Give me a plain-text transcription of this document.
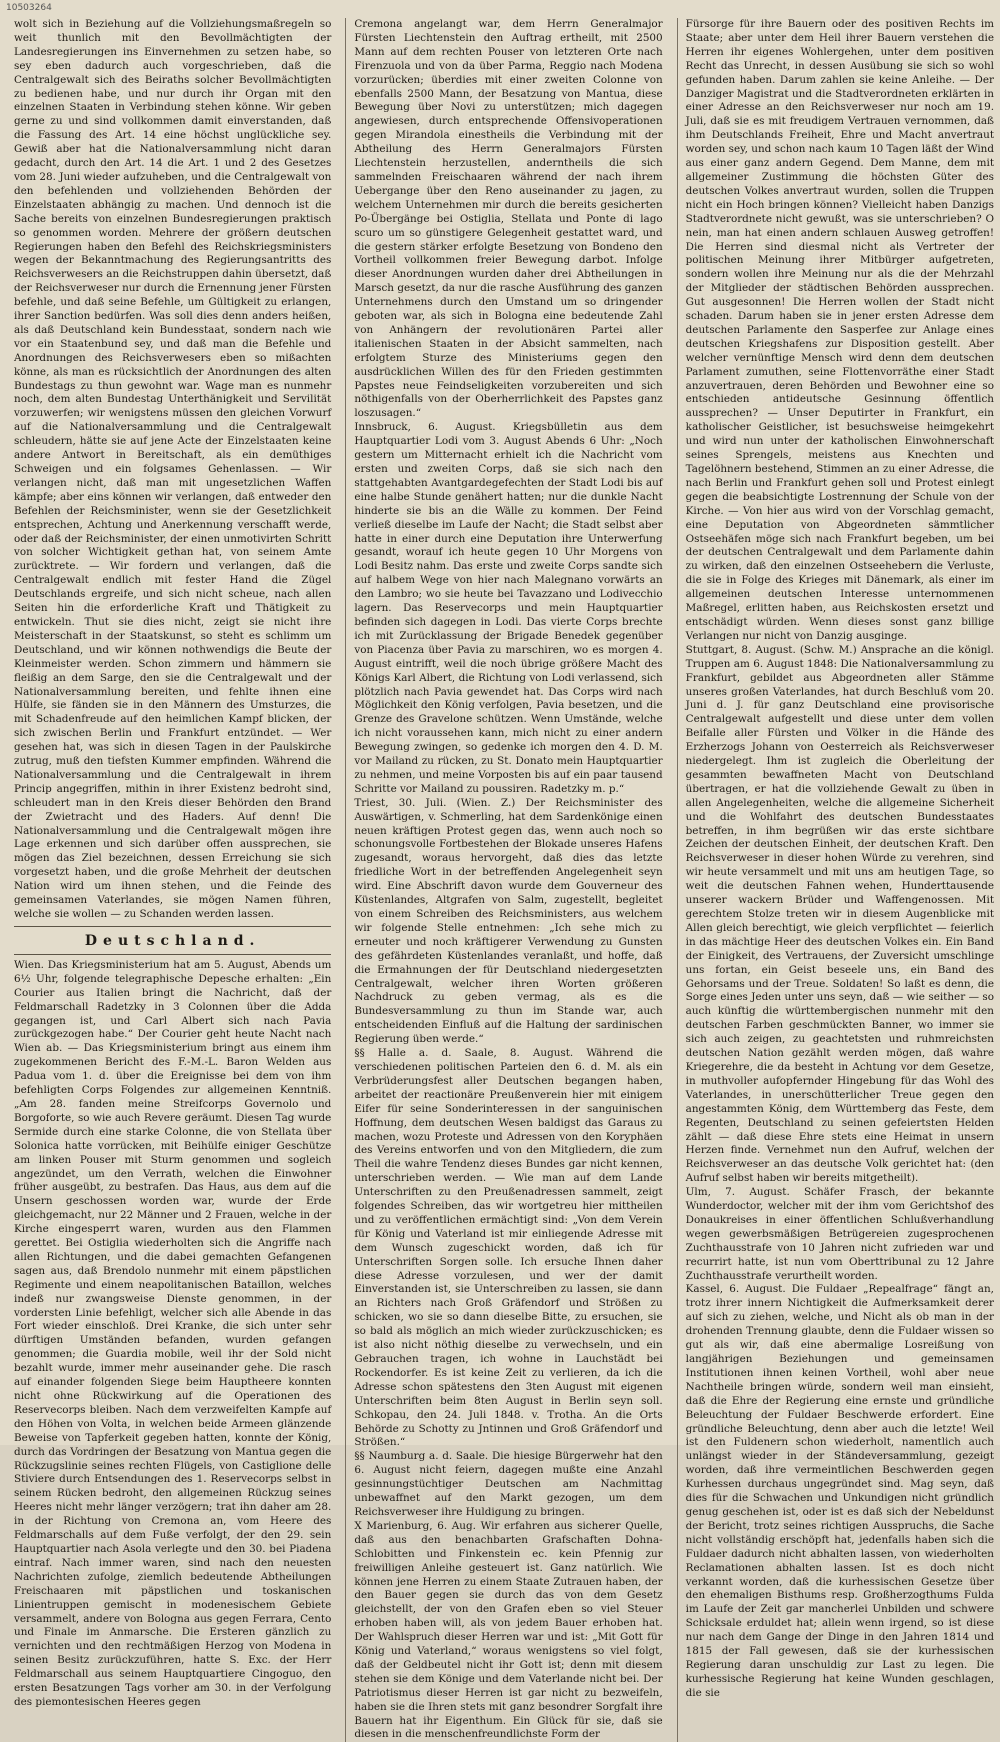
10503264

wolt sich in Beziehung auf die Vollziehungsmaßregeln so weit thunlich mit den Bevollmächtigten der Landesregierungen ins Einvernehmen zu setzen habe, so sey eben dadurch auch vorgeschrieben, daß die Centralgewalt sich des Beiraths solcher Bevollmächtigten zu bedienen habe, und nur durch ihr Organ mit den einzelnen Staaten in Verbindung stehen könne. Wir geben gerne zu und sind vollkommen damit einverstanden, daß die Fassung des Art. 14 eine höchst unglückliche sey. Gewiß aber hat die Nationalversammlung nicht daran gedacht, durch den Art. 14 die Art. 1 und 2 des Gesetzes vom 28. Juni wieder aufzuheben, und die Centralgewalt von den befehlenden und vollziehenden Behörden der Einzelstaaten abhängig zu machen. Und dennoch ist die Sache bereits von einzelnen Bundesregierungen praktisch so genommen worden. Mehrere der größern deutschen Regierungen haben den Befehl des Reichskriegsministers wegen der Bekanntmachung des Regierungsantritts des Reichsverwesers an die Reichstruppen dahin übersetzt, daß der Reichsverweser nur durch die Ernennung jener Fürsten befehle, und daß seine Befehle, um Gültigkeit zu erlangen, ihrer Sanction bedürfen. Was soll dies denn anders heißen, als daß Deutschland kein Bundesstaat, sondern nach wie vor ein Staatenbund sey, und daß man die Befehle und Anordnungen des Reichsverwesers eben so mißachten könne, als man es rücksichtlich der Anordnungen des alten Bundestags zu thun gewohnt war. Wage man es nunmehr noch, dem alten Bundestag Unterthänigkeit und Servilität vorzuwerfen; wir wenigstens müssen den gleichen Vorwurf auf die Nationalversammlung und die Centralgewalt schleudern, hätte sie auf jene Acte der Einzelstaaten keine andere Antwort in Bereitschaft, als ein demüthiges Schweigen und ein folgsames Gehenlassen. — Wir verlangen nicht, daß man mit ungesetzlichen Waffen kämpfe; aber eins können wir verlangen, daß entweder den Befehlen der Reichsminister, wenn sie der Gesetzlichkeit entsprechen, Achtung und Anerkennung verschafft werde, oder daß der Reichsminister, der einen unmotivirten Schritt von solcher Wichtigkeit gethan hat, von seinem Amte zurücktrete. — Wir fordern und verlangen, daß die Centralgewalt endlich mit fester Hand die Zügel Deutschlands ergreife, und sich nicht scheue, nach allen Seiten hin die erforderliche Kraft und Thätigkeit zu entwickeln. Thut sie dies nicht, zeigt sie nicht ihre Meisterschaft in der Staatskunst, so steht es schlimm um Deutschland, und wir können nothwendigs die Beute der Kleinmeister werden. Schon zimmern und hämmern sie fleißig an dem Sarge, den sie die Centralgewalt und der Nationalversammlung bereiten, und fehlte ihnen eine Hülfe, sie fänden sie in den Männern des Umsturzes, die mit Schadenfreude auf den heimlichen Kampf blicken, der sich zwischen Berlin und Frankfurt entzündet. — Wer gesehen hat, was sich in diesen Tagen in der Paulskirche zutrug, muß den tiefsten Kummer empfinden. Während die Nationalversammlung und die Centralgewalt in ihrem Princip angegriffen, mithin in ihrer Existenz bedroht sind, schleudert man in den Kreis dieser Behörden den Brand der Zwietracht und des Haders. Auf denn! Die Nationalversammlung und die Centralgewalt mögen ihre Lage erkennen und sich darüber offen aussprechen, sie mögen das Ziel bezeichnen, dessen Erreichung sie sich vorgesetzt haben, und die große Mehrheit der deutschen Nation wird um ihnen stehen, und die Feinde des gemeinsamen Vaterlandes, sie mögen Namen führen, welche sie wollen — zu Schanden werden lassen.

Deutschland.

Wien. Das Kriegsministerium hat am 5. August, Abends um 6½ Uhr, folgende telegraphische Depesche erhalten: „Ein Courier aus Italien bringt die Nachricht, daß der Feldmarschall Radetzky in 3 Colonnen über die Adda gegangen ist, und Carl Albert sich nach Pavia zurückgezogen habe.“ Der Courier geht heute Nacht nach Wien ab. — Das Kriegsministerium bringt aus einem ihm zugekommenen Bericht des F.-M.-L. Baron Welden aus Padua vom 1. d. über die Ereignisse bei dem von ihm befehligten Corps Folgendes zur allgemeinen Kenntniß. „Am 28. fanden meine Streifcorps Governolo und Borgoforte, so wie auch Revere geräumt. Diesen Tag wurde Sermide durch eine starke Colonne, die von Stellata über Solonica hatte vorrücken, mit Beihülfe einiger Geschütze am linken Pouser mit Sturm genommen und sogleich angezündet, um den Verrath, welchen die Einwohner früher ausgeübt, zu bestrafen. Das Haus, aus dem auf die Unsern geschossen worden war, wurde der Erde gleichgemacht, nur 22 Männer und 2 Frauen, welche in der Kirche eingesperrt waren, wurden aus den Flammen gerettet. Bei Ostiglia wiederholten sich die Angriffe nach allen Richtungen, und die dabei gemachten Gefangenen sagen aus, daß Brendolo nunmehr mit einem päpstlichen Regimente und einem neapolitanischen Bataillon, welches indeß nur zwangsweise Dienste genommen, in der vordersten Linie befehligt, welcher sich alle Abende in das Fort wieder einschloß. Drei Kranke, die sich unter sehr dürftigen Umständen befanden, wurden gefangen genommen; die Guardia mobile, weil ihr der Sold nicht bezahlt wurde, immer mehr auseinander gehe. Die rasch auf einander folgenden Siege beim Hauptheere konnten nicht ohne Rückwirkung auf die Operationen des Reservecorps bleiben. Nach dem verzweifelten Kampfe auf den Höhen von Volta, in welchen beide Armeen glänzende Beweise von Tapferkeit gegeben hatten, konnte der König, durch das Vordringen der Besatzung von Mantua gegen die Rückzugslinie seines rechten Flügels, von Castiglione delle Stiviere durch Entsendungen des 1. Reservecorps selbst in seinem Rücken bedroht, den allgemeinen Rückzug seines Heeres nicht mehr länger verzögern; trat ihn daher am 28. in der Richtung von Cremona an, vom Heere des Feldmarschalls auf dem Fuße verfolgt, der den 29. sein Hauptquartier nach Asola verlegte und den 30. bei Piadena eintraf. Nach immer waren, sind nach den neuesten Nachrichten zufolge, ziemlich bedeutende Abtheilungen Freischaaren mit päpstlichen und toskanischen Linientruppen gemischt in modenesischem Gebiete versammelt, andere von Bologna aus gegen Ferrara, Cento und Finale im Anmarsche. Die Ersteren gänzlich zu vernichten und den rechtmäßigen Herzog von Modena in seinen Besitz zurückzuführen, hatte S. Exc. der Herr Feldmarschall aus seinem Hauptquartiere Cingoguo, den ersten Besatzungen Tags vorher am 30. in der Verfolgung des piemontesischen Heeres gegen

Cremona angelangt war, dem Herrn Generalmajor Fürsten Liechtenstein den Auftrag ertheilt, mit 2500 Mann auf dem rechten Pouser von letzteren Orte nach Firenzuola und von da über Parma, Reggio nach Modena vorzurücken; überdies mit einer zweiten Colonne von ebenfalls 2500 Mann, der Besatzung von Mantua, diese Bewegung über Novi zu unterstützen; mich dagegen angewiesen, durch entsprechende Offensivoperationen gegen Mirandola einestheils die Verbindung mit der Abtheilung des Herrn Generalmajors Fürsten Liechtenstein herzustellen, anderntheils die sich sammelnden Freischaaren während der nach ihrem Uebergange über den Reno auseinander zu jagen, zu welchem Unternehmen mir durch die bereits gesicherten Po-Übergänge bei Ostiglia, Stellata und Ponte di lago scuro um so günstigere Gelegenheit gestattet ward, und die gestern stärker erfolgte Besetzung von Bondeno den Vortheil vollkommen freier Bewegung darbot. Infolge dieser Anordnungen wurden daher drei Abtheilungen in Marsch gesetzt, da nur die rasche Ausführung des ganzen Unternehmens durch den Umstand um so dringender geboten war, als sich in Bologna eine bedeutende Zahl von Anhängern der revolutionären Partei aller italienischen Staaten in der Absicht sammelten, nach erfolgtem Sturze des Ministeriums gegen den ausdrücklichen Willen des für den Frieden gestimmten Papstes neue Feindseligkeiten vorzubereiten und sich nöthigenfalls von der Oberherrlichkeit des Papstes ganz loszusagen.“

Innsbruck, 6. August. Kriegsbülletin aus dem Hauptquartier Lodi vom 3. August Abends 6 Uhr: „Noch gestern um Mitternacht erhielt ich die Nachricht vom ersten und zweiten Corps, daß sie sich nach den stattgehabten Avantgardegefechten der Stadt Lodi bis auf eine halbe Stunde genähert hatten; nur die dunkle Nacht hinderte sie bis an die Wälle zu kommen. Der Feind verließ dieselbe im Laufe der Nacht; die Stadt selbst aber hatte in einer durch eine Deputation ihre Unterwerfung gesandt, worauf ich heute gegen 10 Uhr Morgens von Lodi Besitz nahm. Das erste und zweite Corps sandte sich auf halbem Wege von hier nach Malegnano vorwärts an den Lambro; wo sie heute bei Tavazzano und Lodivecchio lagern. Das Reservecorps und mein Hauptquartier befinden sich dagegen in Lodi. Das vierte Corps brechte ich mit Zurücklassung der Brigade Benedek gegenüber von Piacenza über Pavia zu marschiren, wo es morgen 4. August eintrifft, weil die noch übrige größere Macht des Königs Karl Albert, die Richtung von Lodi verlassend, sich plötzlich nach Pavia gewendet hat. Das Corps wird nach Möglichkeit den König verfolgen, Pavia besetzen, und die Grenze des Gravelone schützen. Wenn Umstände, welche ich nicht voraussehen kann, mich nicht zu einer andern Bewegung zwingen, so gedenke ich morgen den 4. D. M. vor Mailand zu rücken, zu St. Donato mein Hauptquartier zu nehmen, und meine Vorposten bis auf ein paar tausend Schritte vor Mailand zu poussiren. Radetzky m. p.“

Triest, 30. Juli. (Wien. Z.) Der Reichsminister des Auswärtigen, v. Schmerling, hat dem Sardenkönige einen neuen kräftigen Protest gegen das, wenn auch noch so schonungsvolle Fortbestehen der Blokade unseres Hafens zugesandt, woraus hervorgeht, daß dies das letzte friedliche Wort in der betreffenden Angelegenheit seyn wird. Eine Abschrift davon wurde dem Gouverneur des Küstenlandes, Altgrafen von Salm, zugestellt, begleitet von einem Schreiben des Reichsministers, aus welchem wir folgende Stelle entnehmen: „Ich sehe mich zu erneuter und noch kräftigerer Verwendung zu Gunsten des gefährdeten Küstenlandes veranlaßt, und hoffe, daß die Ermahnungen der für Deutschland niedergesetzten Centralgewalt, welcher ihren Worten größeren Nachdruck zu geben vermag, als es die Bundesversammlung zu thun im Stande war, auch entscheidenden Einfluß auf die Haltung der sardinischen Regierung üben werde.“

§§ Halle a. d. Saale, 8. August. Während die verschiedenen politischen Parteien den 6. d. M. als ein Verbrüderungsfest aller Deutschen begangen haben, arbeitet der reactionäre Preußenverein hier mit einigem Eifer für seine Sonderinteressen in der sanguinischen Hoffnung, dem deutschen Wesen baldigst das Garaus zu machen, wozu Proteste und Adressen von den Koryphäen des Vereins entworfen und von den Mitgliedern, die zum Theil die wahre Tendenz dieses Bundes gar nicht kennen, unterschrieben werden. — Wie man auf dem Lande Unterschriften zu den Preußenadressen sammelt, zeigt folgendes Schreiben, das wir wortgetreu hier mittheilen und zu veröffentlichen ermächtigt sind: „Von dem Verein für König und Vaterland ist mir einliegende Adresse mit dem Wunsch zugeschickt worden, daß ich für Unterschriften Sorgen solle. Ich ersuche Ihnen daher diese Adresse vorzulesen, und wer der damit Einverstanden ist, sie Unterschreiben zu lassen, sie dann an Richters nach Groß Gräfendorf und Strößen zu schicken, wo sie so dann dieselbe Bitte, zu ersuchen, sie so bald als möglich an mich wieder zurückzuschicken; es ist also nicht nöthig dieselbe zu verwechseln, und ein Gebrauchen tragen, ich wohne in Lauchstädt bei Rockendorfer. Es ist keine Zeit zu verlieren, da ich die Adresse schon spätestens den 3ten August mit eigenen Unterschriften beim 8ten August in Berlin seyn soll. Schkopau, den 24. Juli 1848. v. Trotha. An die Orts Behörde zu Schotty zu Jntinnen und Groß Gräfendorf und Strößen.“

§§ Naumburg a. d. Saale. Die hiesige Bürgerwehr hat den 6. August nicht feiern, dagegen mußte eine Anzahl gesinnungstüchtiger Deutschen am Nachmittag unbewaffnet auf den Markt gezogen, um dem Reichsverweser ihre Huldigung zu bringen.

X Marienburg, 6. Aug. Wir erfahren aus sicherer Quelle, daß aus den benachbarten Grafschaften Dohna-Schlobitten und Finkenstein ec. kein Pfennig zur freiwilligen Anleihe gesteuert ist. Ganz natürlich. Wie können jene Herren zu einem Staate Zutrauen haben, der den Bauer gegen sie durch das von dem Gesetz gleichstellt, der von den Grafen eben so viel Steuer erhoben haben will, als von jedem Bauer erhoben hat. Der Wahlspruch dieser Herren war und ist: „Mit Gott für König und Vaterland,“ woraus wenigstens so viel folgt, daß der Geldbeutel nicht ihr Gott ist; denn mit diesem stehen sie dem Könige und dem Vaterlande nicht bei. Der Patriotismus dieser Herren ist gar nicht zu bezweifeln, haben sie die Ihren stets mit ganz besondrer Sorgfalt ihre Bauern hat ihr Eigenthum. Ein Glück für sie, daß sie diesen in die menschenfreundlichste Form der

Fürsorge für ihre Bauern oder des positiven Rechts im Staate; aber unter dem Heil ihrer Bauern verstehen die Herren ihr eigenes Wohlergehen, unter dem positiven Recht das Unrecht, in dessen Ausübung sie sich so wohl gefunden haben. Darum zahlen sie keine Anleihe. — Der Danziger Magistrat und die Stadtverordneten erklärten in einer Adresse an den Reichsverweser nur noch am 19. Juli, daß sie es mit freudigem Vertrauen vernommen, daß ihm Deutschlands Freiheit, Ehre und Macht anvertraut worden sey, und schon nach kaum 10 Tagen läßt der Wind aus einer ganz andern Gegend. Dem Manne, dem mit allgemeiner Zustimmung die höchsten Güter des deutschen Volkes anvertraut wurden, sollen die Truppen nicht ein Hoch bringen können? Vielleicht haben Danzigs Stadtverordnete nicht gewußt, was sie unterschrieben? O nein, man hat einen andern schlauen Ausweg getroffen! Die Herren sind diesmal nicht als Vertreter der politischen Meinung ihrer Mitbürger aufgetreten, sondern wollen ihre Meinung nur als die der Mehrzahl der Mitglieder der städtischen Behörden aussprechen. Gut ausgesonnen! Die Herren wollen der Stadt nicht schaden. Darum haben sie in jener ersten Adresse dem deutschen Parlamente den Sasperfee zur Anlage eines deutschen Kriegshafens zur Disposition gestellt. Aber welcher vernünftige Mensch wird denn dem deutschen Parlament zumuthen, seine Flottenvorräthe einer Stadt anzuvertrauen, deren Behörden und Bewohner eine so entschieden antideutsche Gesinnung öffentlich aussprechen? — Unser Deputirter in Frankfurt, ein katholischer Geistlicher, ist besuchsweise heimgekehrt und wird nun unter der katholischen Einwohnerschaft seines Sprengels, meistens aus Knechten und Tagelöhnern bestehend, Stimmen an zu einer Adresse, die nach Berlin und Frankfurt gehen soll und Protest einlegt gegen die beabsichtigte Lostrennung der Schule von der Kirche. — Von hier aus wird von der Vorschlag gemacht, eine Deputation von Abgeordneten sämmtlicher Ostseehäfen möge sich nach Frankfurt begeben, um bei der deutschen Centralgewalt und dem Parlamente dahin zu wirken, daß den einzelnen Ostseehebern die Verluste, die sie in Folge des Krieges mit Dänemark, als einer im allgemeinen deutschen Interesse unternommenen Maßregel, erlitten haben, aus Reichskosten ersetzt und entschädigt würden. Wenn dieses sonst ganz billige Verlangen nur nicht von Danzig ausginge.

Stuttgart, 8. August. (Schw. M.) Ansprache an die königl. Truppen am 6. August 1848: Die Nationalversammlung zu Frankfurt, gebildet aus Abgeordneten aller Stämme unseres großen Vaterlandes, hat durch Beschluß vom 20. Juni d. J. für ganz Deutschland eine provisorische Centralgewalt aufgestellt und diese unter dem vollen Beifalle aller Fürsten und Völker in die Hände des Erzherzogs Johann von Oesterreich als Reichsverweser niedergelegt. Ihm ist zugleich die Oberleitung der gesammten bewaffneten Macht von Deutschland übertragen, er hat die vollziehende Gewalt zu üben in allen Angelegenheiten, welche die allgemeine Sicherheit und die Wohlfahrt des deutschen Bundesstaates betreffen, in ihm begrüßen wir das erste sichtbare Zeichen der deutschen Einheit, der deutschen Kraft. Den Reichsverweser in dieser hohen Würde zu verehren, sind wir heute versammelt und mit uns am heutigen Tage, so weit die deutschen Fahnen wehen, Hunderttausende unserer wackern Brüder und Waffengenossen. Mit gerechtem Stolze treten wir in diesem Augenblicke mit Allen gleich berechtigt, wie gleich verpflichtet — feierlich in das mächtige Heer des deutschen Volkes ein. Ein Band der Einigkeit, des Vertrauens, der Zuversicht umschlinge uns fortan, ein Geist beseele uns, ein Band des Gehorsams und der Treue. Soldaten! So laßt es denn, die Sorge eines Jeden unter uns seyn, daß — wie seither — so auch künftig die württembergischen nunmehr mit den deutschen Farben geschmückten Banner, wo immer sie sich auch zeigen, zu geachtetsten und ruhmreichsten deutschen Nation gezählt werden mögen, daß wahre Kriegerehre, die da besteht in Achtung vor dem Gesetze, in muthvoller aufopfernder Hingebung für das Wohl des Vaterlandes, in unerschütterlicher Treue gegen den angestammten König, dem Württemberg das Feste, dem Regenten, Deutschland zu seinen gefeiertsten Helden zählt — daß diese Ehre stets eine Heimat in unsern Herzen finde. Vernehmet nun den Aufruf, welchen der Reichsverweser an das deutsche Volk gerichtet hat: (den Aufruf selbst haben wir bereits mitgetheilt).

Ulm, 7. August. Schäfer Frasch, der bekannte Wunderdoctor, welcher mit der ihm vom Gerichtshof des Donaukreises in einer öffentlichen Schlußverhandlung wegen gewerbsmäßigen Betrügereien zugesprochenen Zuchthausstrafe von 10 Jahren nicht zufrieden war und recurrirt hatte, ist nun vom Oberttribunal zu 12 Jahre Zuchthausstrafe verurtheilt worden.

Kassel, 6. August. Die Fuldaer „Repealfrage“ fängt an, trotz ihrer innern Nichtigkeit die Aufmerksamkeit derer auf sich zu ziehen, welche, und Nicht als ob man in der drohenden Trennung glaubte, denn die Fuldaer wissen so gut als wir, daß eine abermalige Losreißung von langjährigen Beziehungen und gemeinsamen Institutionen ihnen keinen Vortheil, wohl aber neue Nachtheile bringen würde, sondern weil man einsieht, daß die Ehre der Regierung eine ernste und gründliche Beleuchtung der Fuldaer Beschwerde erfordert. Eine gründliche Beleuchtung, denn aber auch die letzte! Weil ist den Fuldenern schon wiederholt, namentlich auch unlängst wieder in der Ständeversammlung, gezeigt worden, daß ihre vermeintlichen Beschwerden gegen Kurhessen durchaus ungegründet sind. Mag seyn, daß dies für die Schwachen und Unkundigen nicht gründlich genug geschehen ist, oder ist es daß sich der Nebeldunst der Bericht, trotz seines richtigen Ausspruchs, die Sache nicht vollständig erschöpft hat, jedenfalls haben sich die Fuldaer dadurch nicht abhalten lassen, von wiederholten Reclamationen abhalten lassen. Ist es doch nicht verkannt worden, daß die kurhessischen Gesetze über den ehemaligen Bisthums resp. Großherzogthums Fulda im Laufe der Zeit gar mancherlei Unbilden und schwere Schicksale erduldet hat; allein wenn irgend, so ist diese nur nach dem Gange der Dinge in den Jahren 1814 und 1815 der Fall gewesen, daß sie der kurhessischen Regierung daran unschuldig zur Last zu legen. Die kurhessische Regierung hat keine Wunden geschlagen, die sie
